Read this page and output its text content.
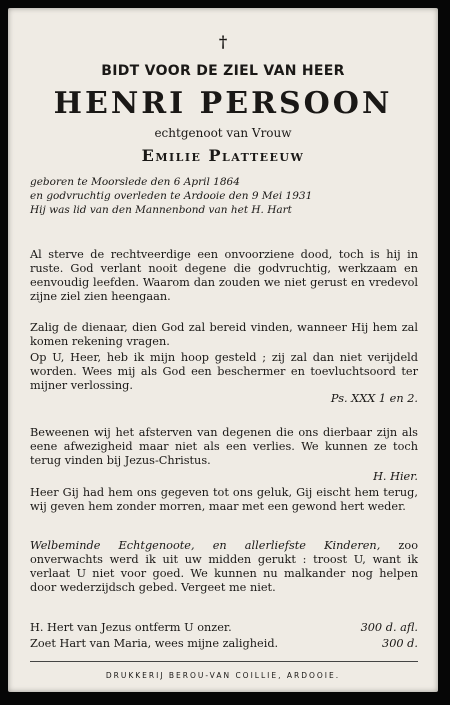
†
BIDT VOOR DE ZIEL VAN HEER
HENRI PERSOON
echtgenoot van Vrouw
Emilie Platteeuw
geboren te Moorslede den 6 April 1864
en godvruchtig overleden te Ardooie den 9 Mei 1931
Hij was lid van den Mannenbond van het H. Hart
Al sterve de rechtveerdige een onvoorziene dood, toch is hij in ruste. God verlant nooit degene die godvruchtig, werkzaam en eenvoudig leefden. Waarom dan zouden we niet gerust en vredevol zijne ziel zien heengaan.
Zalig de dienaar, dien God zal bereid vinden, wanneer Hij hem zal komen rekening vragen.
Op U, Heer, heb ik mijn hoop gesteld ; zij zal dan niet verijdeld worden. Wees mij als God een beschermer en toevluchtsoord ter mijner verlossing.
Ps. XXX 1 en 2.
Beweenen wij het afsterven van degenen die ons dierbaar zijn als eene afwezigheid maar niet als een verlies. We kunnen ze toch terug vinden bij Jezus-Christus.
H. Hier.
Heer Gij had hem ons gegeven tot ons geluk, Gij eischt hem terug, wij geven hem zonder morren, maar met een gewond hert weder.
Welbeminde Echtgenoote, en allerliefste Kinderen, zoo onverwachts werd ik uit uw midden gerukt : troost U, want ik verlaat U niet voor goed. We kunnen nu malkander nog helpen door wederzijdsch gebed. Vergeet me niet.
H. Hert van Jezus ontferm U onzer.	300 d. afl.
Zoet Hart van Maria, wees mijne zaligheid.	300 d.
DRUKKERIJ BEROU-VAN COILLIE, ARDOOIE.
